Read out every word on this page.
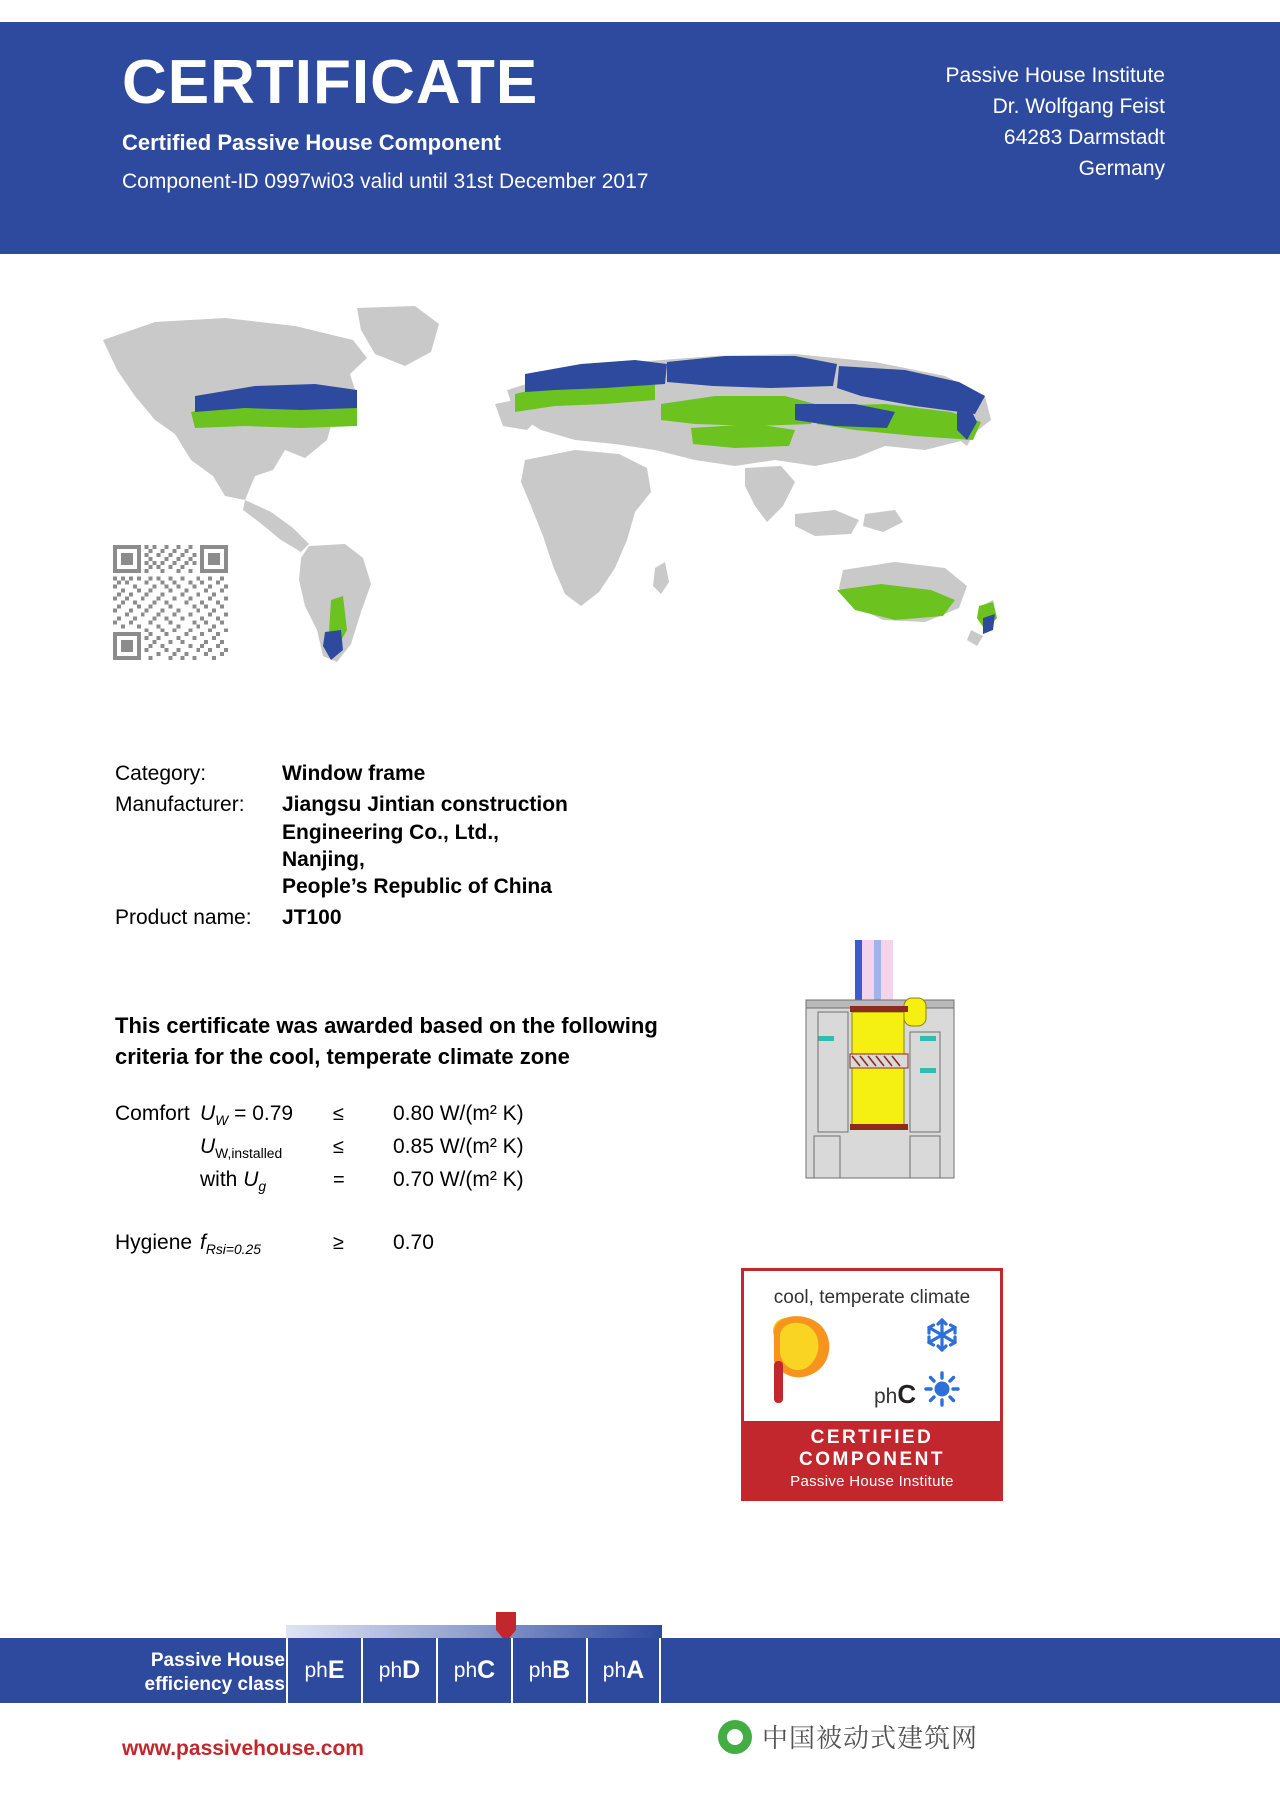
CERTIFICATE
Certified Passive House Component
Component-ID 0997wi03 valid until 31st December 2017
Passive House Institute
Dr. Wolfgang Feist
64283 Darmstadt
Germany
Category:	Window frame
Manufacturer:	Jiangsu Jintian construction
Engineering Co., Ltd.,
Nanjing,
People’s Republic of China
Product name:	JT100
This certificate was awarded based on the following
criteria for the cool, temperate climate zone
Comfort $U_W = 0.79$	≤	0.80 W/(m² K)
$U_{W,installed}$	≤	0.85 W/(m² K)
with $U_g$	=	0.70 W/(m² K)
Hygiene $f_{Rsi=0.25}$	≥	0.70
cool, temperate climate
phC
CERTIFIED
COMPONENT
Passive House Institute
Passive House
efficiency class
ph E ph D ph C ph B ph A
www.passivehouse.com	中国被动式建筑网
Passive House Institute
